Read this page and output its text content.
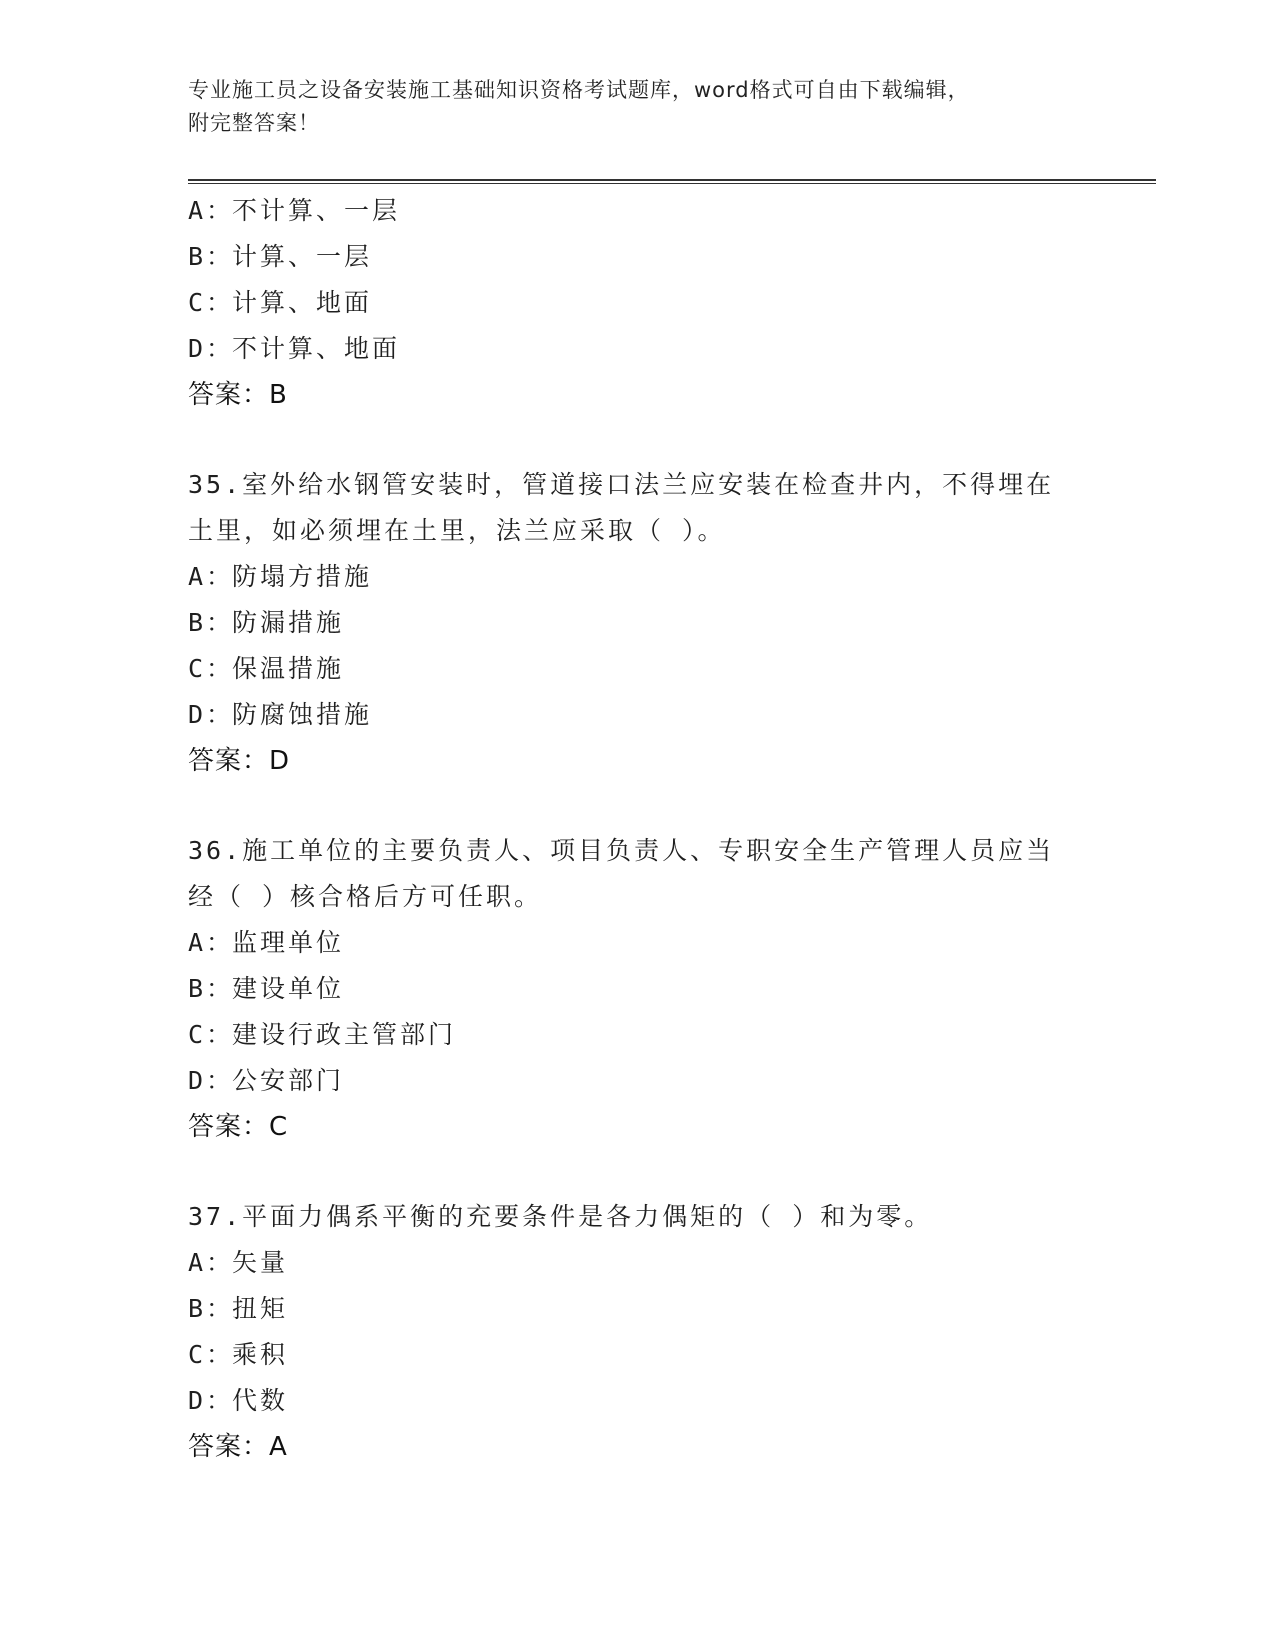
专业施工员之设备安装施工基础知识资格考试题库，word格式可自由下载编辑，
附完整答案！
A：不计算、一层
B：计算、一层
C：计算、地面
D：不计算、地面
答案：B
35.室外给水钢管安装时，管道接口法兰应安装在检查井内，不得埋在
土里，如必须埋在土里，法兰应采取（ ）。
A：防塌方措施
B：防漏措施
C：保温措施
D：防腐蚀措施
答案：D
36.施工单位的主要负责人、项目负责人、专职安全生产管理人员应当
经（ ）核合格后方可任职。
A：监理单位
B：建设单位
C：建设行政主管部门
D：公安部门
答案：C
37.平面力偶系平衡的充要条件是各力偶矩的（ ）和为零。
A：矢量
B：扭矩
C：乘积
D：代数
答案：A
